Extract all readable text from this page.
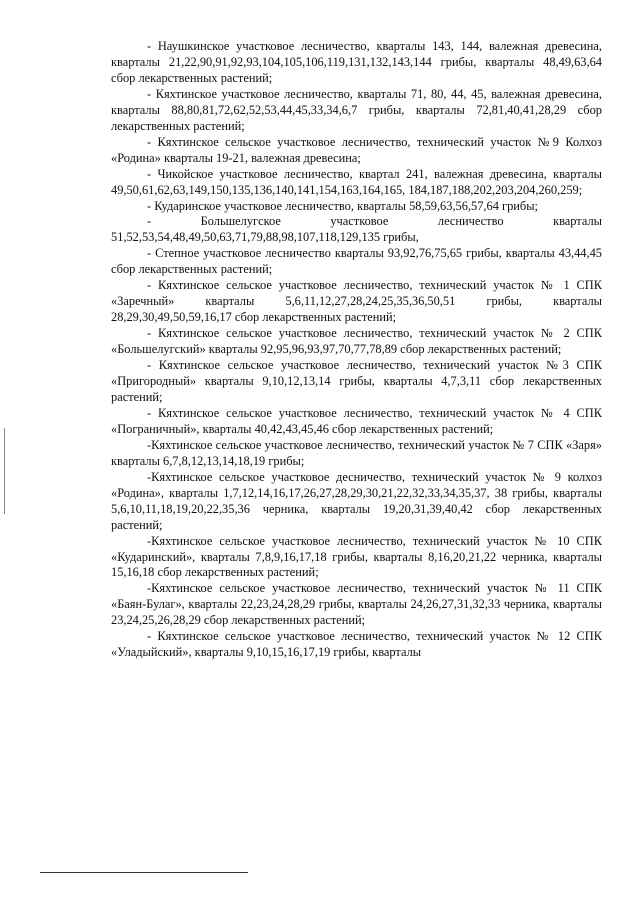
- Наушкинское участковое лесничество, кварталы 143, 144, валежная древесина, кварталы 21,22,90,91,92,93,104,105,106,119,131,132,143,144 грибы, кварталы 48,49,63,64 сбор лекарственных растений;

- Кяхтинское участковое лесничество, кварталы 71, 80, 44, 45, валежная древесина, кварталы 88,80,81,72,62,52,53,44,45,33,34,6,7 грибы, кварталы 72,81,40,41,28,29 сбор лекарственных растений;

- Кяхтинское сельское участковое лесничество, технический участок №9 Колхоз «Родина» кварталы 19-21, валежная древесина;

- Чикойское участковое лесничество, квартал 241, валежная древесина, кварталы 49,50,61,62,63,149,150,135,136,140,141,154,163,164,165, 184,187,188,202,203,204,260,259;

- Кударинское участковое лесничество, кварталы 58,59,63,56,57,64 грибы;

- Большелугское участковое лесничество кварталы 51,52,53,54,48,49,50,63,71,79,88,98,107,118,129,135 грибы,

- Степное участковое лесничество кварталы 93,92,76,75,65 грибы, кварталы 43,44,45 сбор лекарственных растений;

- Кяхтинское сельское участковое лесничество, технический участок № 1 СПК «Заречный» кварталы 5,6,11,12,27,28,24,25,35,36,50,51 грибы, кварталы 28,29,30,49,50,59,16,17 сбор лекарственных растений;

- Кяхтинское сельское участковое лесничество, технический участок № 2 СПК «Большелугский» кварталы 92,95,96,93,97,70,77,78,89 сбор лекарственных растений;

- Кяхтинское сельское участковое лесничество, технический участок №3 СПК «Пригородный» кварталы 9,10,12,13,14 грибы, кварталы 4,7,3,11 сбор лекарственных растений;

- Кяхтинское сельское участковое лесничество, технический участок № 4 СПК «Пограничный», кварталы 40,42,43,45,46 сбор лекарственных растений;

-Кяхтинское сельское участковое лесничество, технический участок № 7 СПК «Заря» кварталы 6,7,8,12,13,14,18,19 грибы;

-Кяхтинское сельское участковое десничество, технический участок № 9 колхоз «Родина», кварталы 1,7,12,14,16,17,26,27,28,29,30,21,22,32,33,34,35,37, 38 грибы, кварталы 5,6,10,11,18,19,20,22,35,36 черника, кварталы 19,20,31,39,40,42 сбор лекарственных растений;

-Кяхтинское сельское участковое лесничество, технический участок № 10 СПК «Кударинский», кварталы 7,8,9,16,17,18 грибы, кварталы 8,16,20,21,22 черника, кварталы 15,16,18 сбор лекарственных растений;

-Кяхтинское сельское участковое лесничество, технический участок № 11 СПК «Баян-Булаг», кварталы 22,23,24,28,29 грибы, кварталы 24,26,27,31,32,33 черника, кварталы 23,24,25,26,28,29 сбор лекарственных растений;

- Кяхтинское сельское участковое лесничество, технический участок № 12 СПК «Уладыйский», кварталы 9,10,15,16,17,19 грибы, кварталы
